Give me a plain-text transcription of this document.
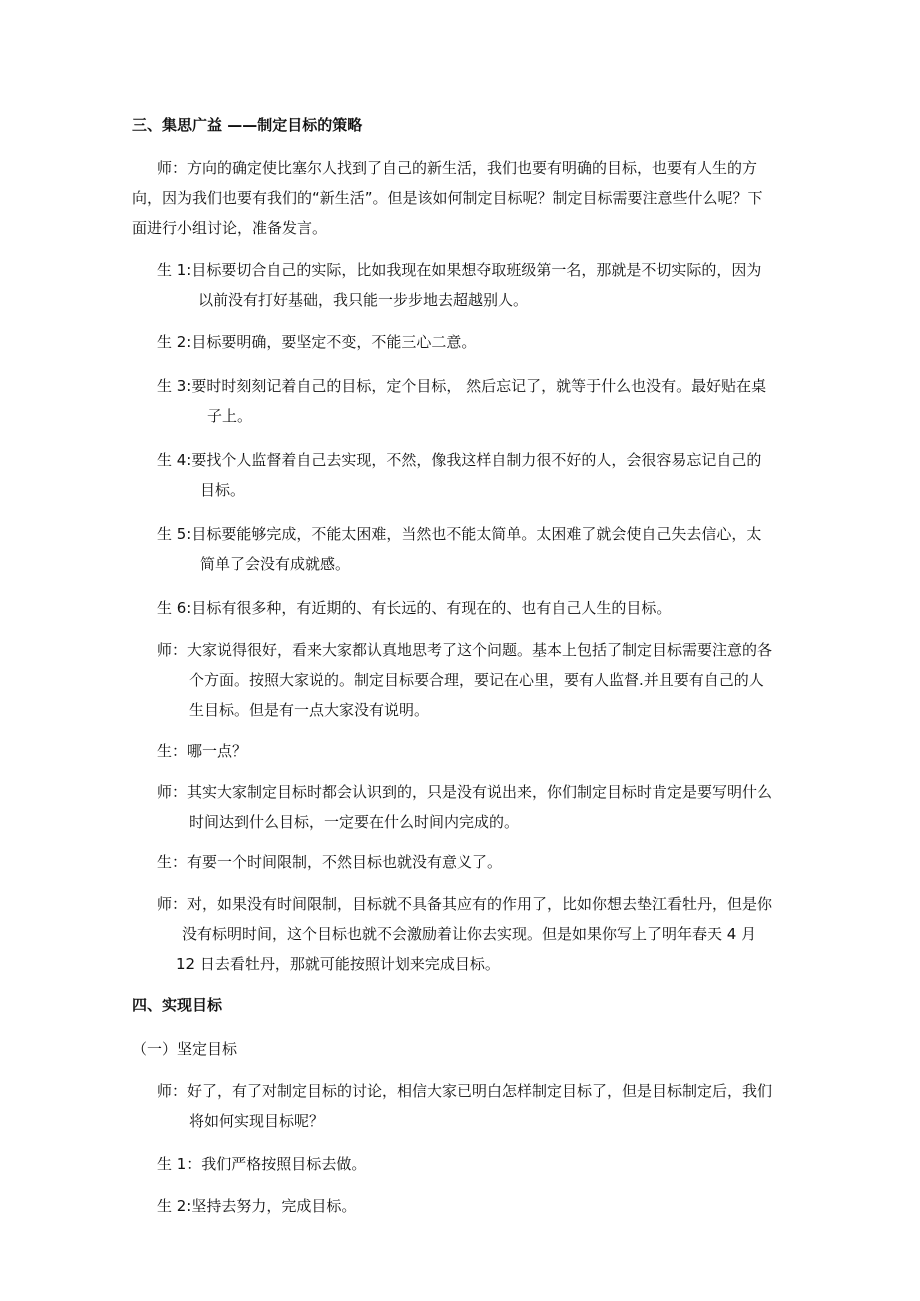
三、集思广益 ——制定目标的策略
师：方向的确定使比塞尔人找到了自己的新生活，我们也要有明确的目标，也要有人生的方
向，因为我们也要有我们的“新生活”。但是该如何制定目标呢？制定目标需要注意些什么呢？下
面进行小组讨论，准备发言。
生 1:目标要切合自己的实际，比如我现在如果想夺取班级第一名，那就是不切实际的，因为
以前没有打好基础，我只能一步步地去超越别人。
生 2:目标要明确，要坚定不变，不能三心二意。
生 3:要时时刻刻记着自己的目标，定个目标， 然后忘记了，就等于什么也没有。最好贴在桌
子上。
生 4:要找个人监督着自己去实现，不然，像我这样自制力很不好的人，会很容易忘记自己的
目标。
生 5:目标要能够完成，不能太困难，当然也不能太简单。太困难了就会使自己失去信心，太
简单了会没有成就感。
生 6:目标有很多种，有近期的、有长远的、有现在的、也有自己人生的目标。
师：大家说得很好，看来大家都认真地思考了这个问题。基本上包括了制定目标需要注意的各
个方面。按照大家说的。制定目标要合理，要记在心里，要有人监督.并且要有自己的人
生目标。但是有一点大家没有说明。
生：哪一点？
师：其实大家制定目标时都会认识到的，只是没有说出来，你们制定目标时肯定是要写明什么
时间达到什么目标，一定要在什么时间内完成的。
生：有要一个时间限制，不然目标也就没有意义了。
师：对，如果没有时间限制，目标就不具备其应有的作用了，比如你想去垫江看牡丹，但是你
没有标明时间，这个目标也就不会激励着让你去实现。但是如果你写上了明年春天 4 月
12 日去看牡丹，那就可能按照计划来完成目标。
四、实现目标
（一）坚定目标
师：好了，有了对制定目标的讨论，相信大家已明白怎样制定目标了，但是目标制定后，我们
将如何实现目标呢？
生 1：我们严格按照目标去做。
生 2:坚持去努力，完成目标。
